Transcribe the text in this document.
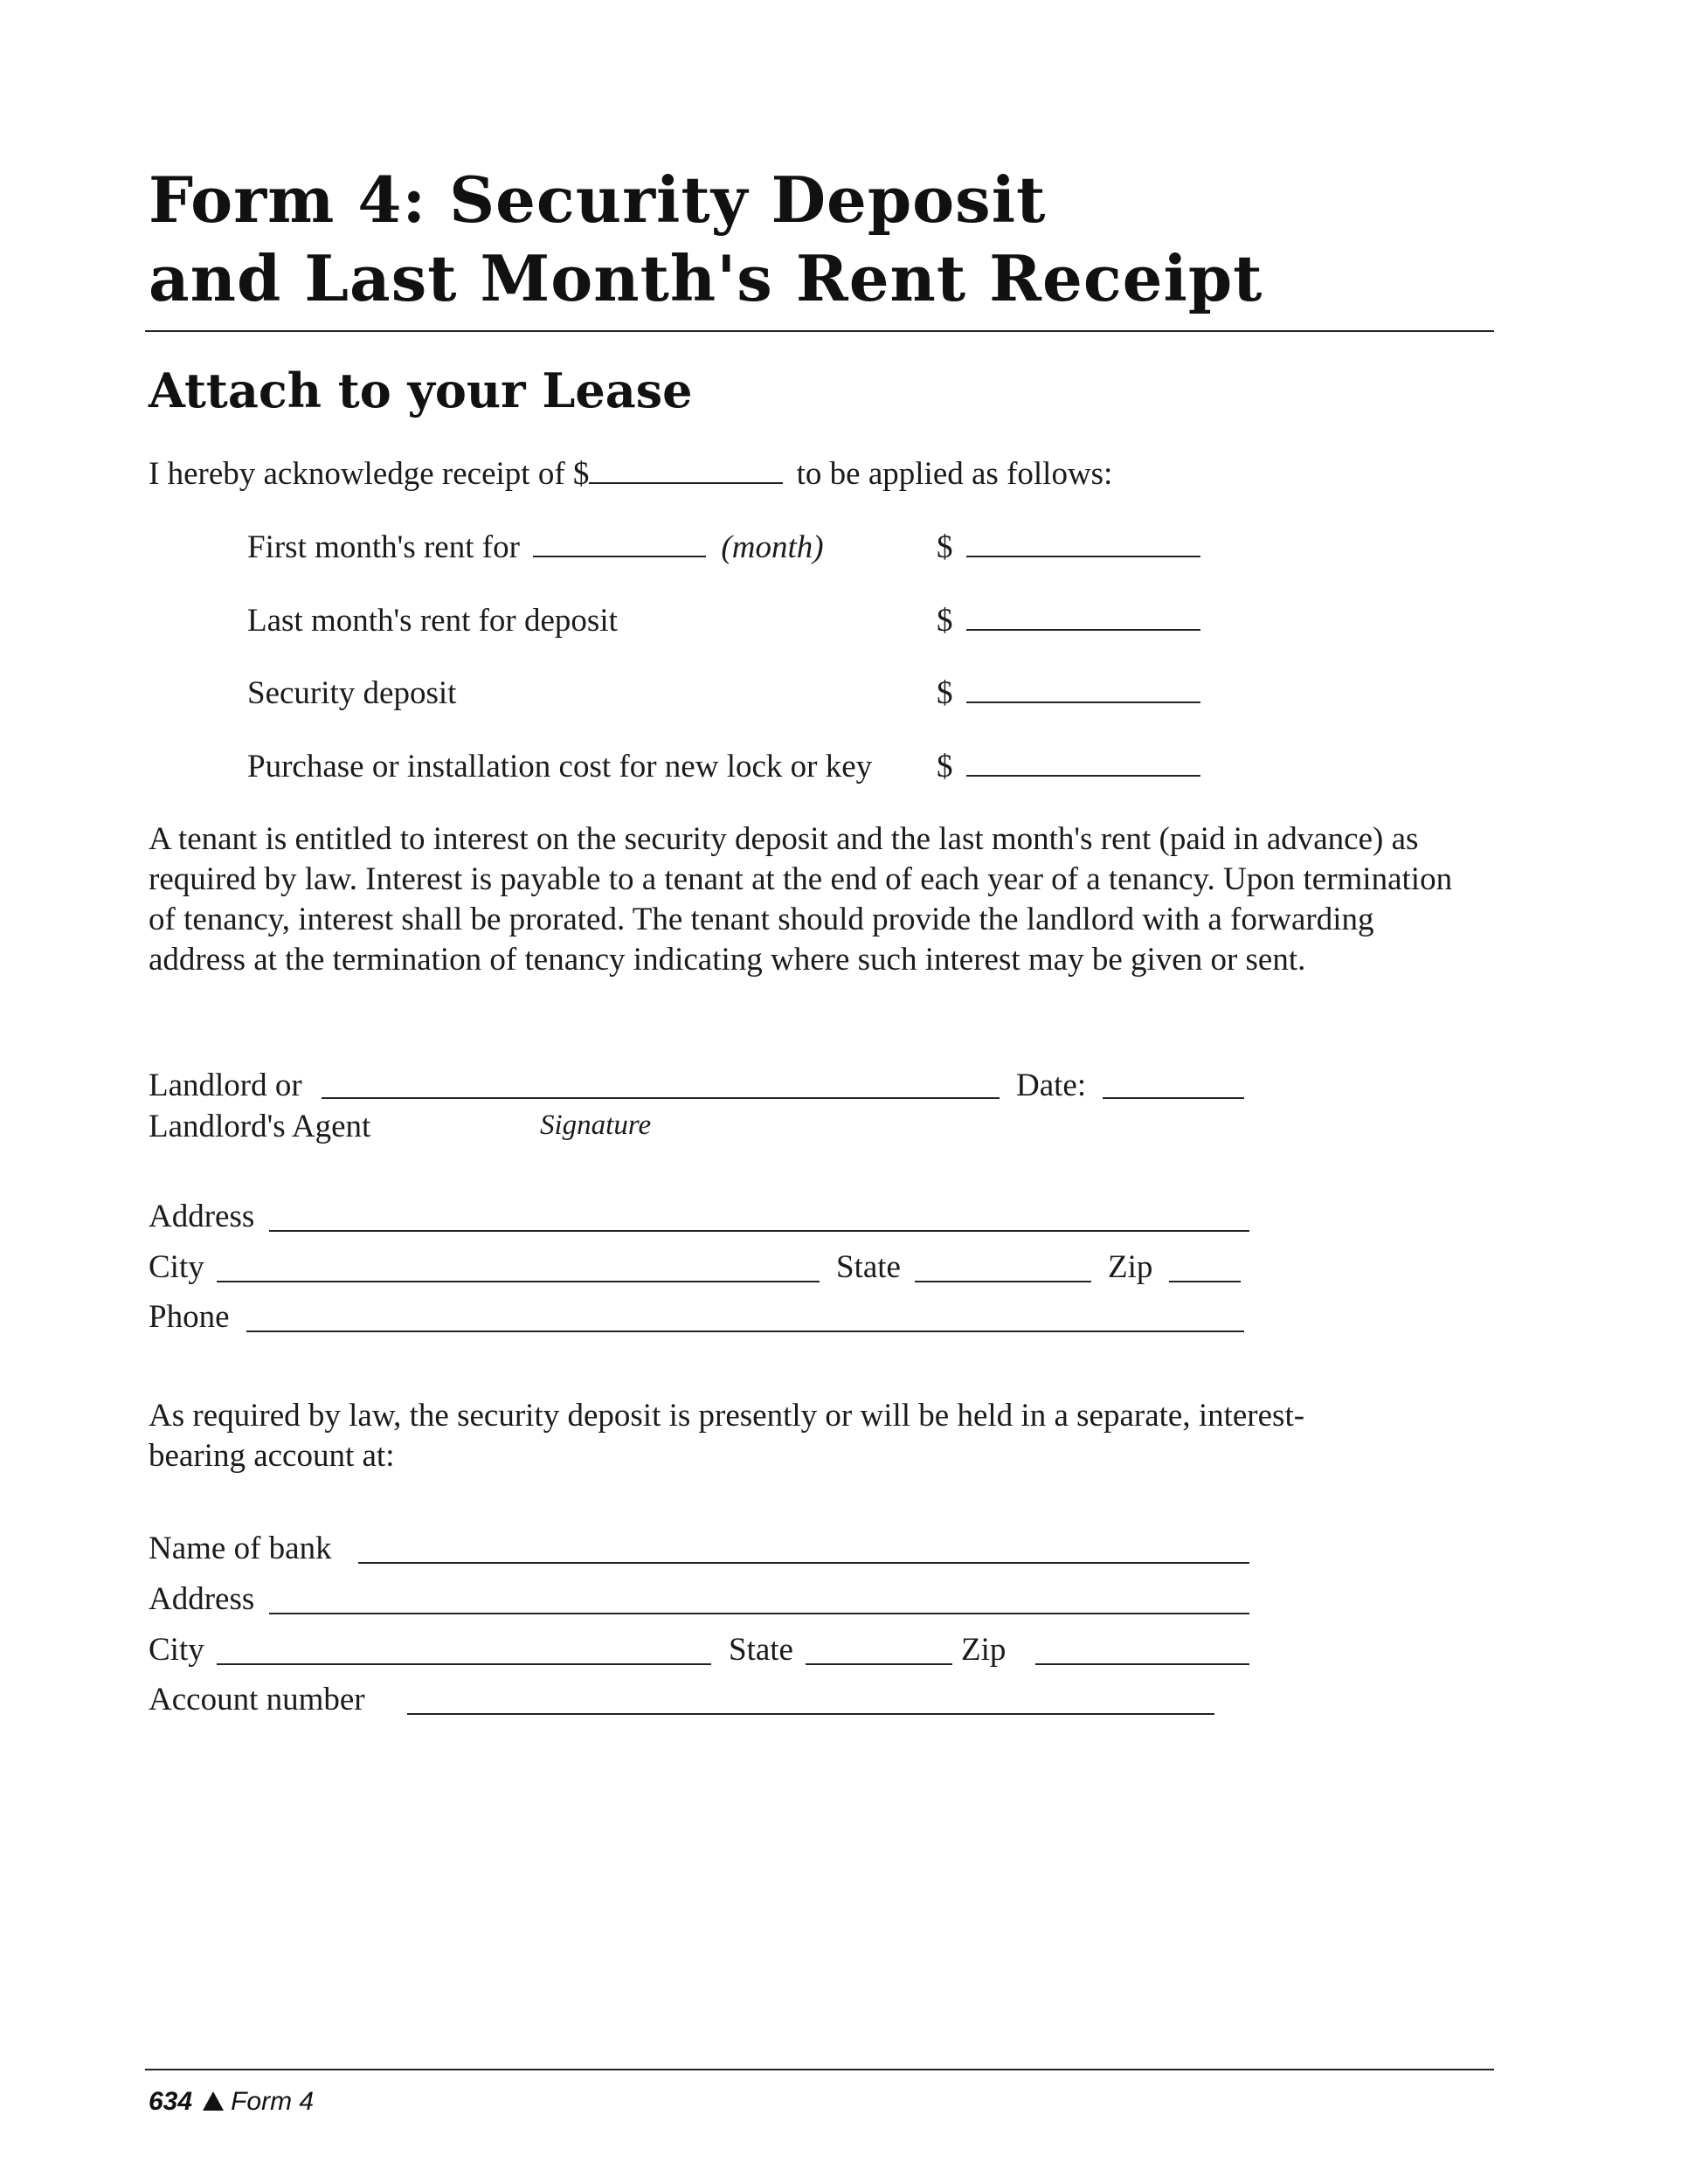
Form 4: Security Deposit
and Last Month's Rent Receipt
Attach to your Lease
I hereby acknowledge receipt of $	to be applied as follows:
First month's rent for	(month)	$
Last month's rent for deposit	$
Security deposit	$
Purchase or installation cost for new lock or key $
A tenant is entitled to interest on the security deposit and the last month's rent (paid in advance) as required by law. Interest is payable to a tenant at the end of each year of a tenancy. Upon termination of tenancy, interest shall be prorated. The tenant should provide the landlord with a forwarding address at the termination of tenancy indicating where such interest may be given or sent.
Landlord or	Date:
Landlord's Agent	Signature
Address
City	State	Zip
Phone
As required by law, the security deposit is presently or will be held in a separate, interest-bearing account at:
Name of bank
Address
City	State	Zip
Account number
634 Form 4
